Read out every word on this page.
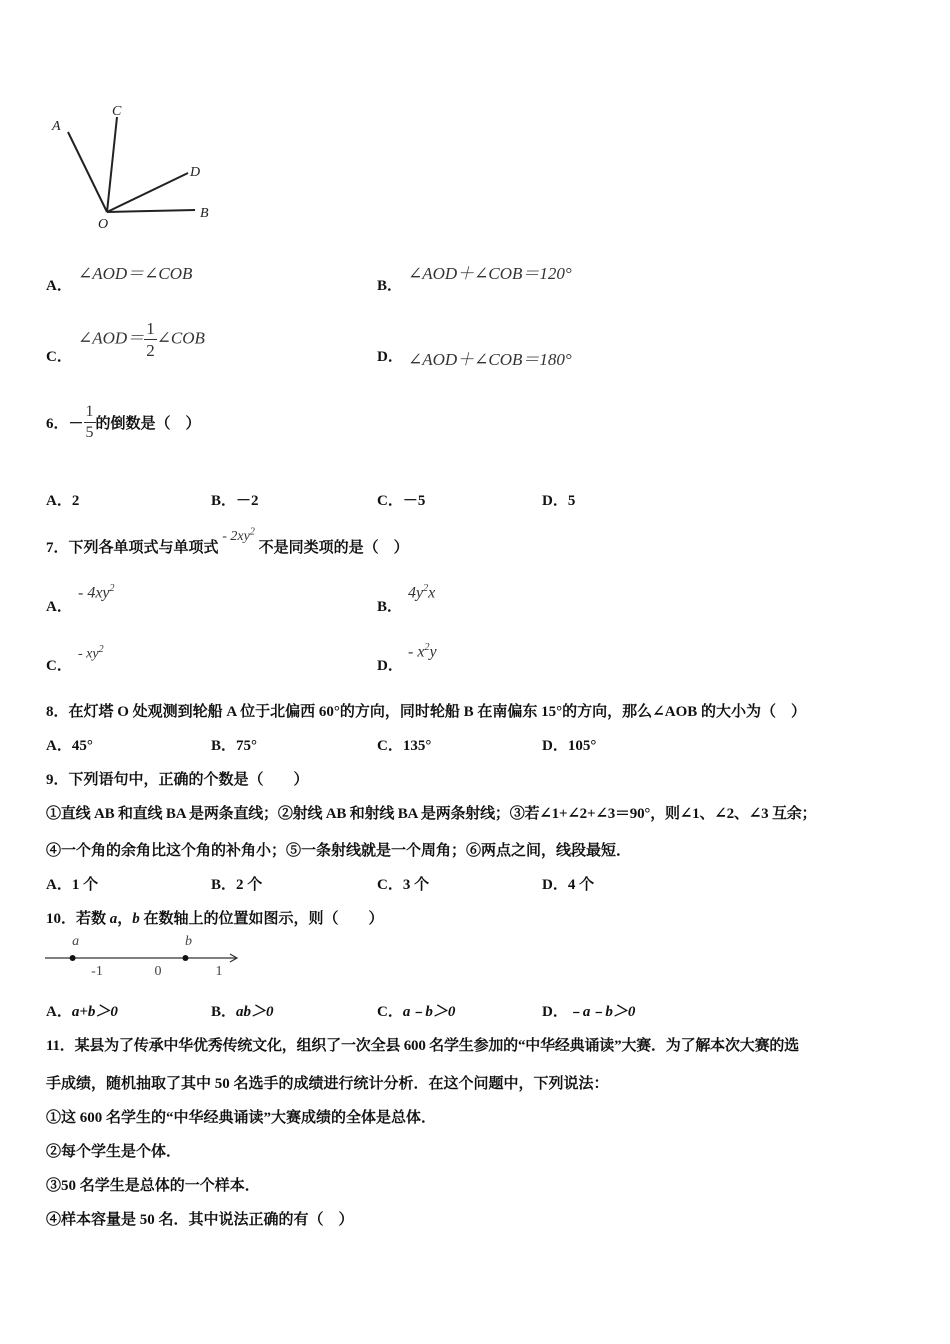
A
C
D
B
O
A．
∠AOD＝∠COB
B．
∠AOD＋∠COB＝120°
C．
∠AOD＝ $\frac{1}{2}$ ∠COB
D． ∠AOD＋∠COB＝180°
6． － $\frac{1}{5}$ 的倒数是（　）
A．2	B．－2	C．－5	D．5
7．下列各单项式与单项式 - $2xy^2$ 不是同类项的是（　）
A．
- $4xy^2$
B．
$4y^2x$
C．
- $xy^2$
D．
- $x^2y$
8．在灯塔 O 处观测到轮船 A 位于北偏西 60°的方向，同时轮船 B 在南偏东 15°的方向，那么∠AOB 的大小为（　）
A．45°	B．75°	C．135°	D．105°
9．下列语句中，正确的个数是（　　）
①直线 AB 和直线 BA 是两条直线；②射线 AB 和射线 BA 是两条射线；③若∠1+∠2+∠3＝90°，则∠1、∠2、∠3 互余；
④一个角的余角比这个角的补角小；⑤一条射线就是一个周角；⑥两点之间，线段最短．
A．1 个	B．2 个	C．3 个	D．4 个
10．若数 a，b 在数轴上的位置如图示，则（　　）
-1	0	1
a	b
A．a+b＞0	B．ab＞0	C．a﹣b＞0	D．﹣a﹣b＞0
11．某县为了传承中华优秀传统文化，组织了一次全县 600 名学生参加的“中华经典诵读”大赛．为了解本次大赛的选
手成绩，随机抽取了其中 50 名选手的成绩进行统计分析．在这个问题中，下列说法：
①这 600 名学生的“中华经典诵读”大赛成绩的全体是总体．
②每个学生是个体．
③50 名学生是总体的一个样本．
④样本容量是 50 名．其中说法正确的有（　）
